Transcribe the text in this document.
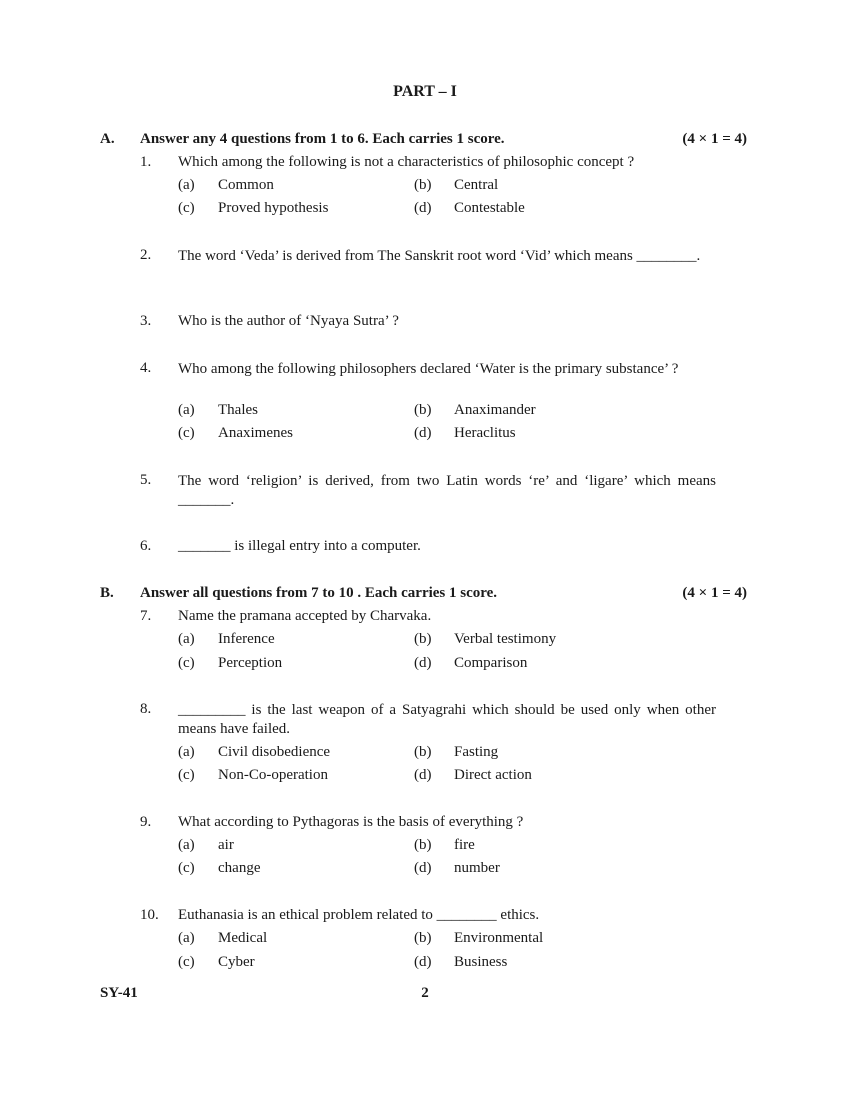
PART – I
A. Answer any 4 questions from 1 to 6. Each carries 1 score.	(4 × 1 = 4)
1. Which among the following is not a characteristics of philosophic concept ?
(a) Common	(b) Central
(c) Proved hypothesis	(d) Contestable
2. The word ‘Veda’ is derived from The Sanskrit root word ‘Vid’ which means ________.
3. Who is the author of ‘Nyaya Sutra’ ?
4. Who among the following philosophers declared ‘Water is the primary substance’ ?
(a) Thales	(b) Anaximander
(c) Anaximenes	(d) Heraclitus
5. The word ‘religion’ is derived, from two Latin words ‘re’ and ‘ligare’ which means _______.
6. _______ is illegal entry into a computer.
B. Answer all questions from 7 to 10 . Each carries 1 score.	(4 × 1 = 4)
7. Name the pramana accepted by Charvaka.
(a) Inference	(b) Verbal testimony
(c) Perception	(d) Comparison
8. _________ is the last weapon of a Satyagrahi which should be used only when other means have failed.
(a) Civil disobedience	(b) Fasting
(c) Non-Co-operation	(d) Direct action
9. What according to Pythagoras is the basis of everything ?
(a) air	(b) fire
(c) change	(d) number
10. Euthanasia is an ethical problem related to ________ ethics.
(a) Medical	(b) Environmental
(c) Cyber	(d) Business
SY-41	2
